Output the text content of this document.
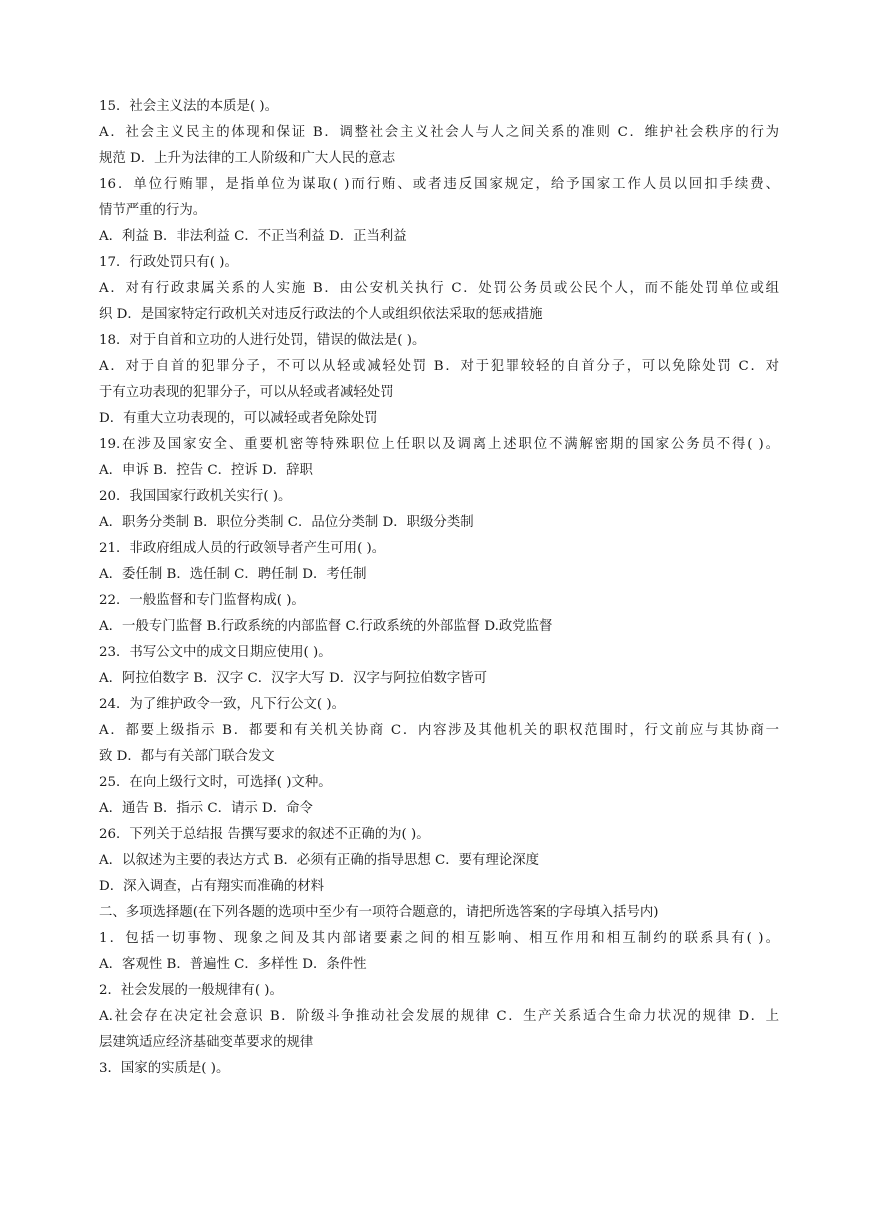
15．社会主义法的本质是( )。
A．社会主义民主的体现和保证 B．调整社会主义社会人与人之间关系的准则 C．维护社会秩序的行为
规范 D．上升为法律的工人阶级和广大人民的意志
16．单位行贿罪，是指单位为谋取( )而行贿、或者违反国家规定，给予国家工作人员以回扣手续费、
情节严重的行为。
A．利益 B．非法利益 C．不正当利益 D．正当利益
17．行政处罚只有( )。
A．对有行政隶属关系的人实施 B．由公安机关执行 C．处罚公务员或公民个人，而不能处罚单位或组
织 D．是国家特定行政机关对违反行政法的个人或组织依法采取的惩戒措施
18．对于自首和立功的人进行处罚，错误的做法是( )。
A．对于自首的犯罪分子，不可以从轻或减轻处罚 B．对于犯罪较轻的自首分子，可以免除处罚 C．对
于有立功表现的犯罪分子，可以从轻或者减轻处罚
D．有重大立功表现的，可以减轻或者免除处罚
19.在涉及国家安全、重要机密等特殊职位上任职以及调离上述职位不满解密期的国家公务员不得( )。
A．申诉 B．控告 C．控诉 D．辞职
20．我国国家行政机关实行( )。
A．职务分类制 B．职位分类制 C．品位分类制 D．职级分类制
21．非政府组成人员的行政领导者产生可用( )。
A．委任制 B．选任制 C．聘任制 D．考任制
22．一般监督和专门监督构成( )。
A．一般专门监督 B.行政系统的内部监督 C.行政系统的外部监督 D.政党监督
23．书写公文中的成文日期应使用( )。
A．阿拉伯数字 B．汉字 C．汉字大写 D．汉字与阿拉伯数字皆可
24．为了维护政令一致，凡下行公文( )。
A．都要上级指示 B．都要和有关机关协商 C．内容涉及其他机关的职权范围时，行文前应与其协商一
致 D．都与有关部门联合发文
25．在向上级行文时，可选择( )文种。
A．通告 B．指示 C．请示 D．命令
26．下列关于总结报 告撰写要求的叙述不正确的为( )。
A．以叙述为主要的表达方式 B．必须有正确的指导思想 C．要有理论深度
D．深入调查，占有翔实而准确的材料
二、多项选择题(在下列各题的选项中至少有一项符合题意的，请把所选答案的字母填入括号内)
1．包括一切事物、现象之间及其内部诸要素之间的相互影响、相互作用和相互制约的联系具有( )。
A．客观性 B．普遍性 C．多样性 D．条件性
2．社会发展的一般规律有( )。
A.社会存在决定社会意识 B．阶级斗争推动社会发展的规律 C．生产关系适合生命力状况的规律 D．上
层建筑适应经济基础变革要求的规律
3．国家的实质是( )。
